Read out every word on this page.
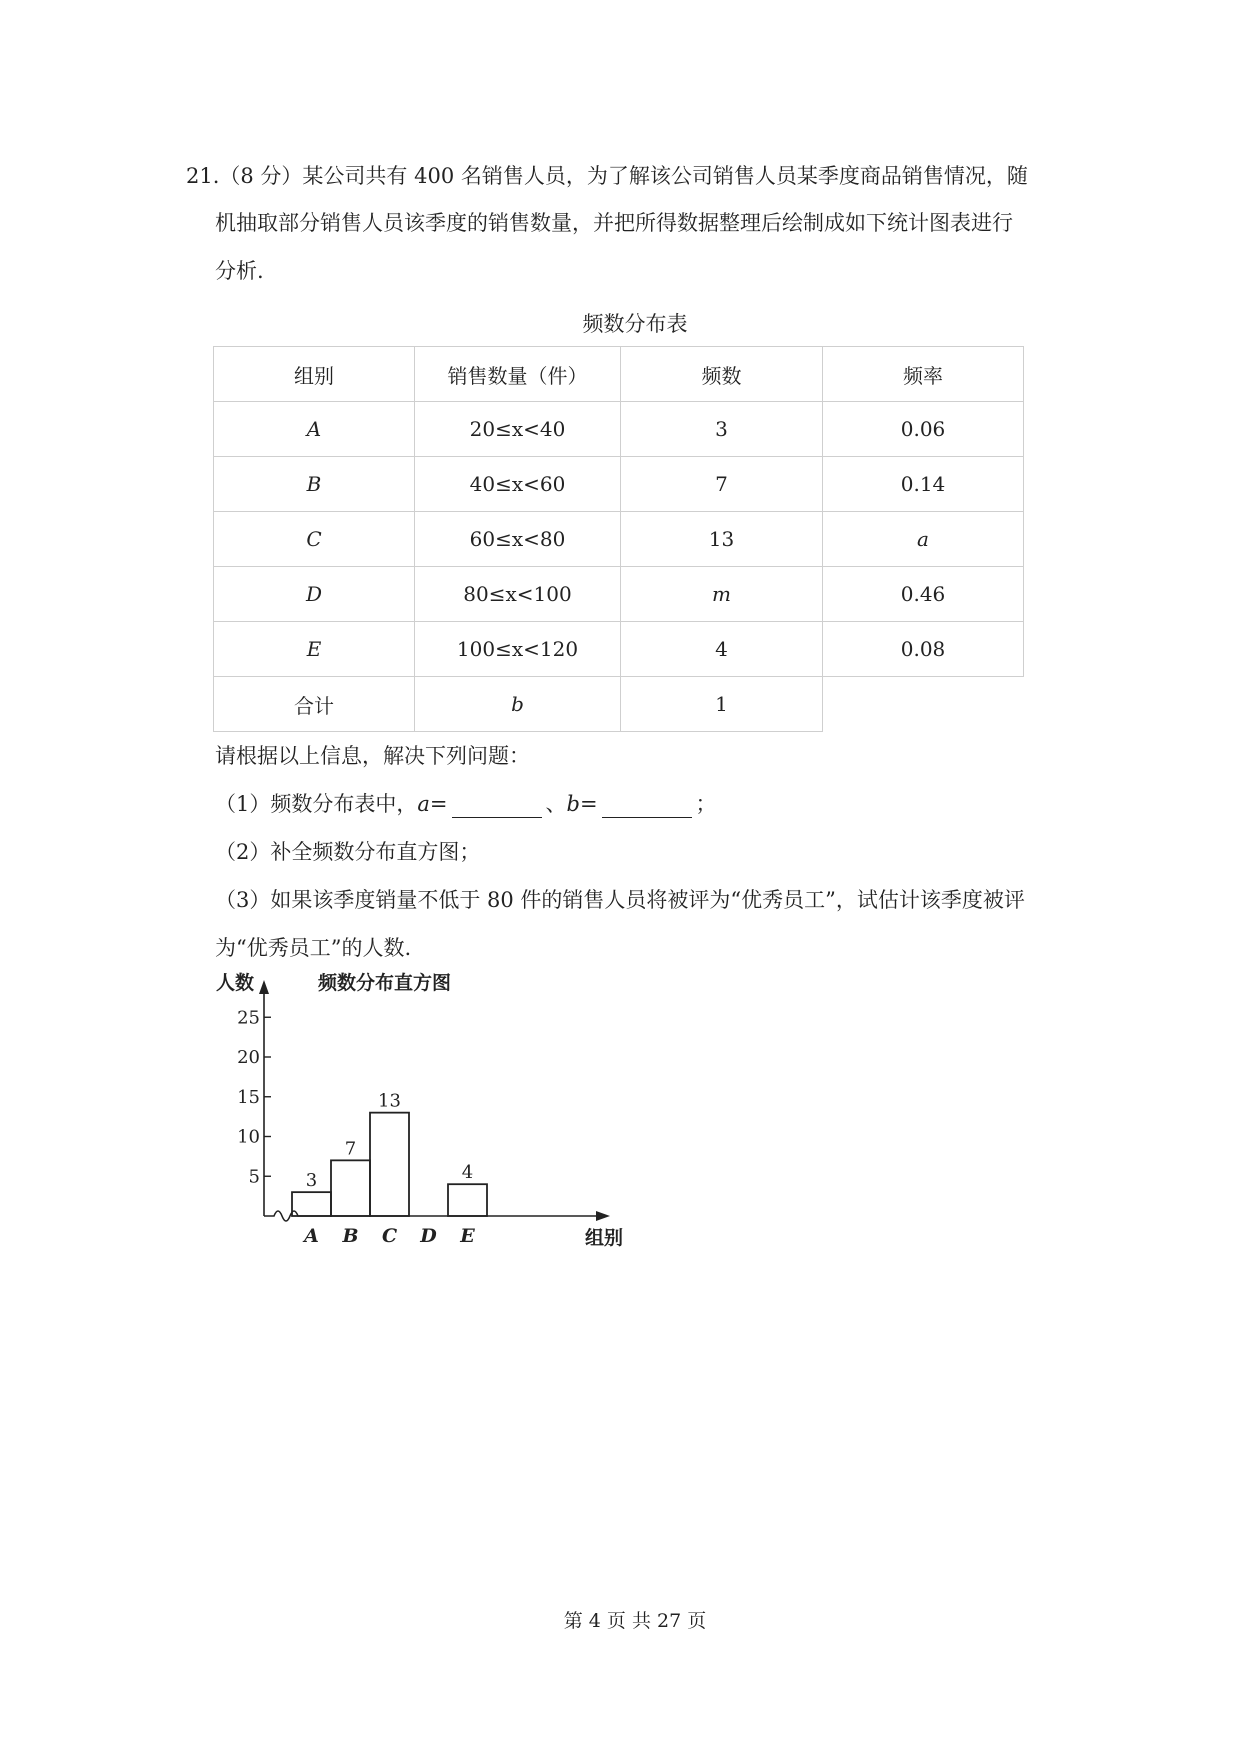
21.（8 分）某公司共有 400 名销售人员，为了解该公司销售人员某季度商品销售情况，随
机抽取部分销售人员该季度的销售数量，并把所得数据整理后绘制成如下统计图表进行
分析.
频数分布表
组别	销售数量（件）	频数	频率
A	20≤x<40	3	0.06
B	40≤x<60	7	0.14
C	60≤x<80	13	a
D	80≤x<100	m	0.46
E	100≤x<120	4	0.08
合计	b	1	
请根据以上信息，解决下列问题：
（1）频数分布表中，a=	、b=	；
（2）补全频数分布直方图；
（3）如果该季度销量不低于 80 件的销售人员将被评为“优秀员工”，试估计该季度被评
为“优秀员工”的人数.
人数	频数分布直方图
组别
5
10
15
20
25
3
A
7
B
13
C D
4
E
第 4 页 共 27 页
